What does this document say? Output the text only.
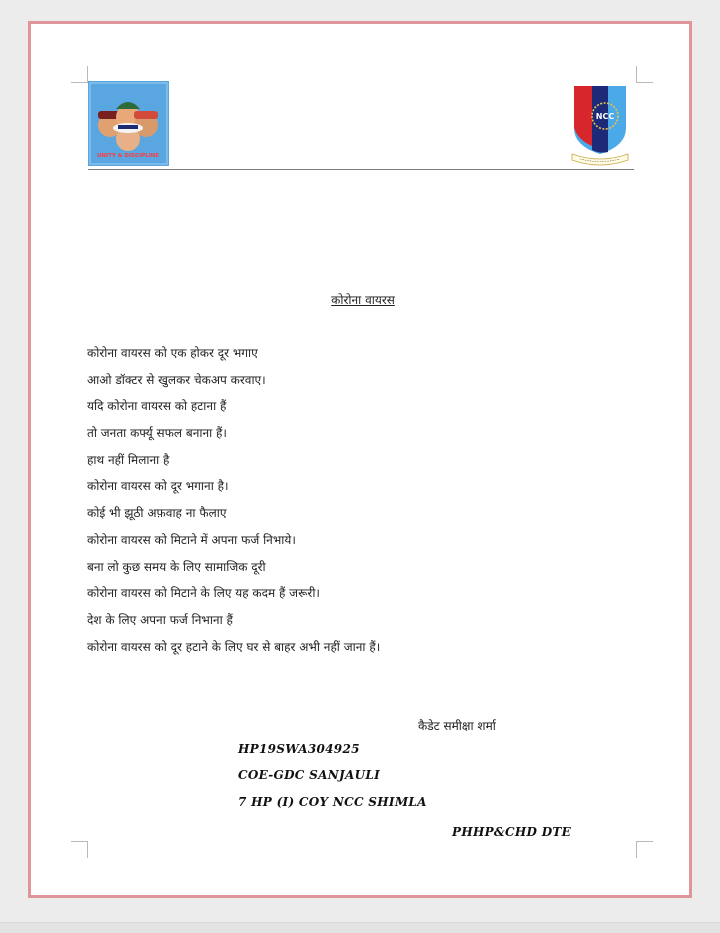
UNITY & DISCIPLINE
NCC
कोरोना वायरस
कोरोना वायरस को एक होकर दूर भगाए
आओ डॉक्टर से खुलकर चेकअप करवाए।
यदि कोरोना वायरस को हटाना हैं
तो जनता कर्फ्यू सफल बनाना हैं।
हाथ नहीं मिलाना है
कोरोना वायरस को दूर भगाना है।
कोई भी झूठी अफ़वाह ना फैलाए
कोरोना वायरस को मिटाने में अपना फर्ज निभाये।
बना लो कुछ समय के लिए सामाजिक दूरी
कोरोना वायरस को मिटाने के लिए यह कदम हैं जरूरी।
देश के लिए अपना फर्ज निभाना हैं
कोरोना वायरस को दूर हटाने के लिए घर से बाहर अभी नहीं जाना हैं।
कैडेट समीक्षा शर्मा
HP19SWA304925
COE-GDC SANJAULI
7 HP (I) COY NCC SHIMLA
PHHP&CHD DTE
